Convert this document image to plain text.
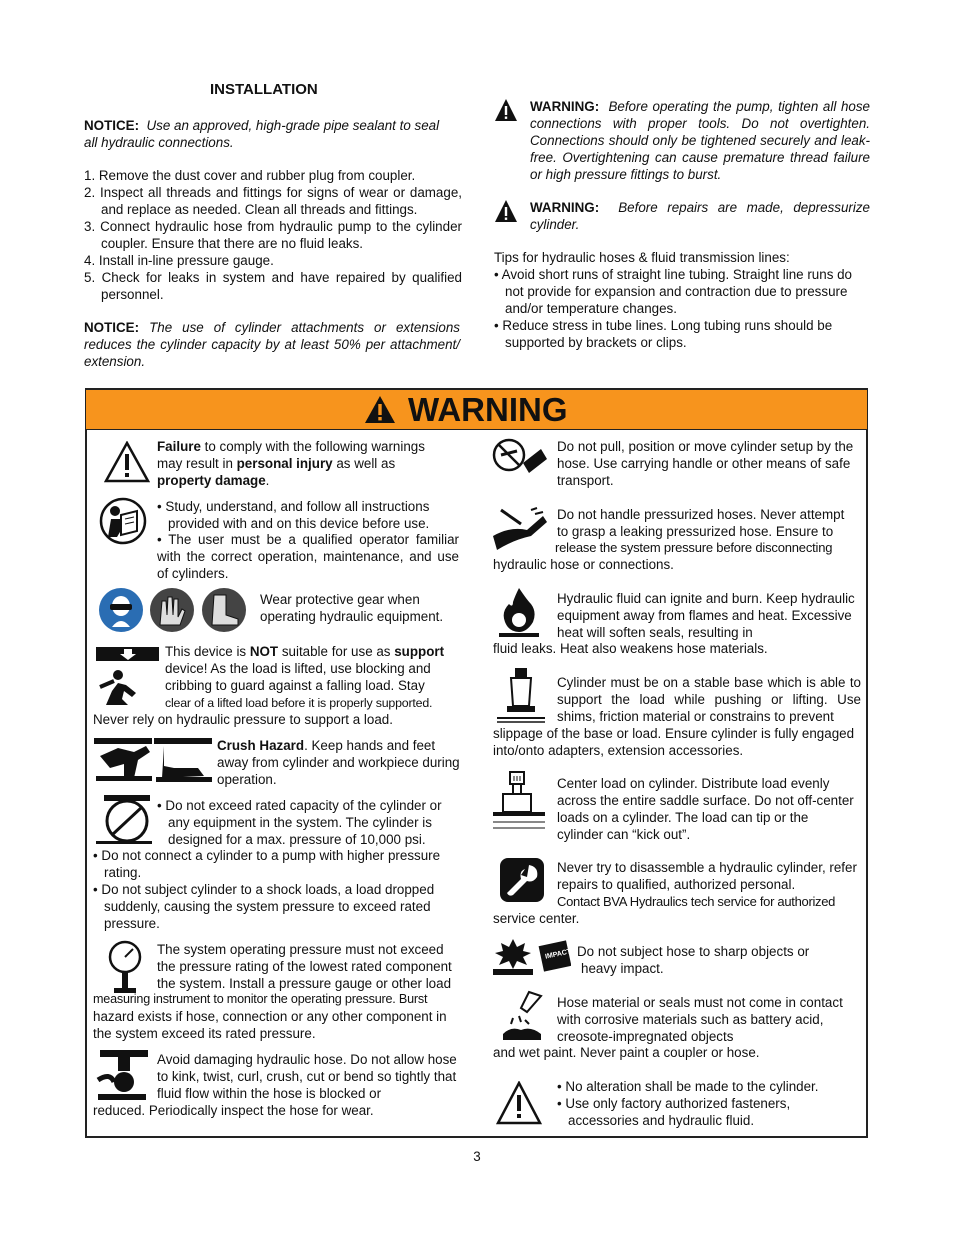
INSTALLATION
NOTICE: Use an approved, high-grade pipe sealant to seal
all hydraulic connections.

1. Remove the dust cover and rubber plug from coupler.

2. Inspect all threads and fittings for signs of wear or damage, and replace as needed. Clean all threads and fittings.

3. Connect hydraulic hose from hydraulic pump to the cylinder coupler. Ensure that there are no fluid leaks.

4. Install in-line pressure gauge.

5. Check for leaks in system and have repaired by qualified personnel.

NOTICE: The use of cylinder attachments or extensions reduces the cylinder capacity by at least 50% per attachment/ extension.
WARNING: Before operating the pump, tighten all hose connections with proper tools. Do not overtighten. Connections should only be tightened securely and leak-free. Overtightening can cause premature thread failure or high pressure fittings to burst.
WARNING: Before repairs are made, depressurize cylinder.

Tips for hydraulic hoses & fluid transmission lines:

• Avoid short runs of straight line tubing. Straight line runs do not provide for expansion and contraction due to pressure and/or temperature changes.

• Reduce stress in tube lines. Long tubing runs should be supported by brackets or clips.

WARNING
Failure to comply with the following warnings may result in personal injury as well as property damage.

• Study, understand, and follow all instructions provided with and on this device before use.

• The user must be a qualified operator familiar with the correct operation, maintenance, and use of cylinders.

Wear protective gear when operating hydraulic equipment.
This device is NOT suitable for use as support device! As the load is lifted, use blocking and cribbing to guard against a falling load. Stay
clear of a lifted load before it is properly supported.
Never rely on hydraulic pressure to support a load.
Crush Hazard. Keep hands and feet away from cylinder and workpiece during operation.

• Do not exceed rated capacity of the cylinder or any equipment in the system. The cylinder is designed for a max. pressure of 10,000 psi.

• Do not connect a cylinder to a pump with higher pressure rating.

• Do not subject cylinder to a shock loads, a load dropped suddenly, causing the system pressure to exceed rated pressure.

The system operating pressure must not exceed the pressure rating of the lowest rated component the system. Install a pressure gauge or other load
measuring instrument to monitor the operating pressure. Burst
hazard exists if hose, connection or any other component in the system exceed its rated pressure.
Avoid damaging hydraulic hose. Do not allow hose to kink, twist, curl, crush, cut or bend so tightly that fluid flow within the hose is blocked or
reduced. Periodically inspect the hose for wear.
Do not pull, position or move cylinder setup by the hose. Use carrying handle or other means of safe transport.
Do not handle pressurized hoses. Never attempt to grasp a leaking pressurized hose. Ensure to
release the system pressure before disconnecting
hydraulic hose or connections.
Hydraulic fluid can ignite and burn. Keep hydraulic equipment away from flames and heat. Excessive heat will soften seals, resulting in
fluid leaks. Heat also weakens hose materials.

Cylinder must be on a stable base which is able to support the load while pushing or lifting. Use shims, friction material or constrains to prevent

slippage of the base or load. Ensure cylinder is fully engaged into/onto adapters, extension accessories.
Center load on cylinder. Distribute load evenly across the entire saddle surface. Do not off-center loads on a cylinder. The load can tip or the cylinder can “kick out”.
Never try to disassemble a hydraulic cylinder, refer repairs to qualified, authorized personal.
Contact BVA Hydraulics tech service for authorized
service center.
IMPACT Do not subject hose to sharp objects or heavy impact.

Hose material or seals must not come in contact with corrosive materials such as battery acid, creosote-impregnated objects
and wet paint. Never paint a coupler or hose.

• No alteration shall be made to the cylinder.

• Use only factory authorized fasteners, accessories and hydraulic fluid.

3
